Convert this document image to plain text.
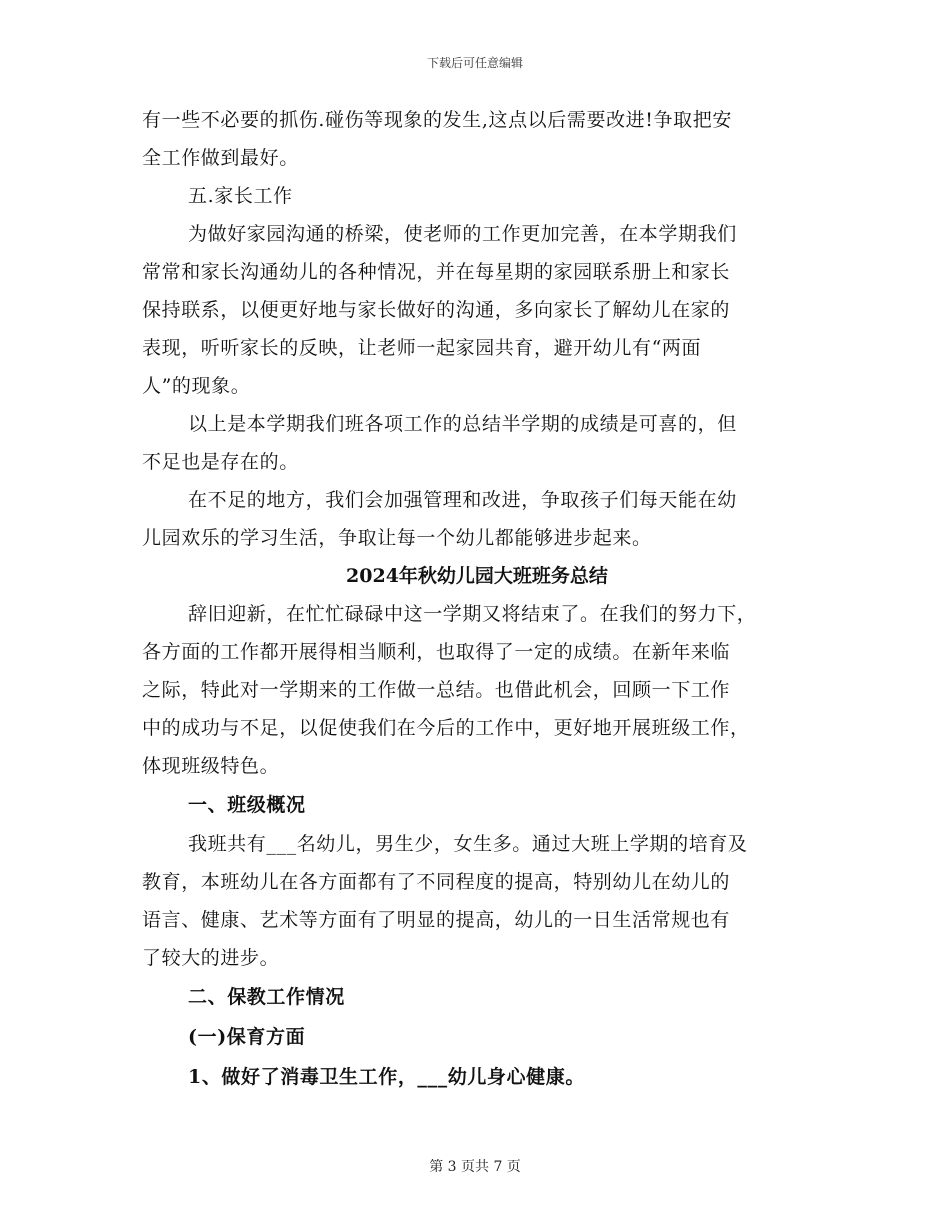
下载后可任意编辑
有一些不必要的抓伤.碰伤等现象的发生,这点以后需要改进!争取把安
全工作做到最好。
五.家长工作
为做好家园沟通的桥梁，使老师的工作更加完善，在本学期我们
常常和家长沟通幼儿的各种情况，并在每星期的家园联系册上和家长
保持联系，以便更好地与家长做好的沟通，多向家长了解幼儿在家的
表现，听听家长的反映，让老师一起家园共育，避开幼儿有“两面
人”的现象。
以上是本学期我们班各项工作的总结半学期的成绩是可喜的，但
不足也是存在的。
在不足的地方，我们会加强管理和改进，争取孩子们每天能在幼
儿园欢乐的学习生活，争取让每一个幼儿都能够进步起来。
2024年秋幼儿园大班班务总结
辞旧迎新，在忙忙碌碌中这一学期又将结束了。在我们的努力下，
各方面的工作都开展得相当顺利，也取得了一定的成绩。在新年来临
之际，特此对一学期来的工作做一总结。也借此机会，回顾一下工作
中的成功与不足，以促使我们在今后的工作中，更好地开展班级工作，
体现班级特色。
一、班级概况
我班共有___名幼儿，男生少，女生多。通过大班上学期的培育及
教育，本班幼儿在各方面都有了不同程度的提高，特别幼儿在幼儿的
语言、健康、艺术等方面有了明显的提高，幼儿的一日生活常规也有
了较大的进步。
二、保教工作情况
(一)保育方面
1、做好了消毒卫生工作，___幼儿身心健康。
第 3 页共 7 页
